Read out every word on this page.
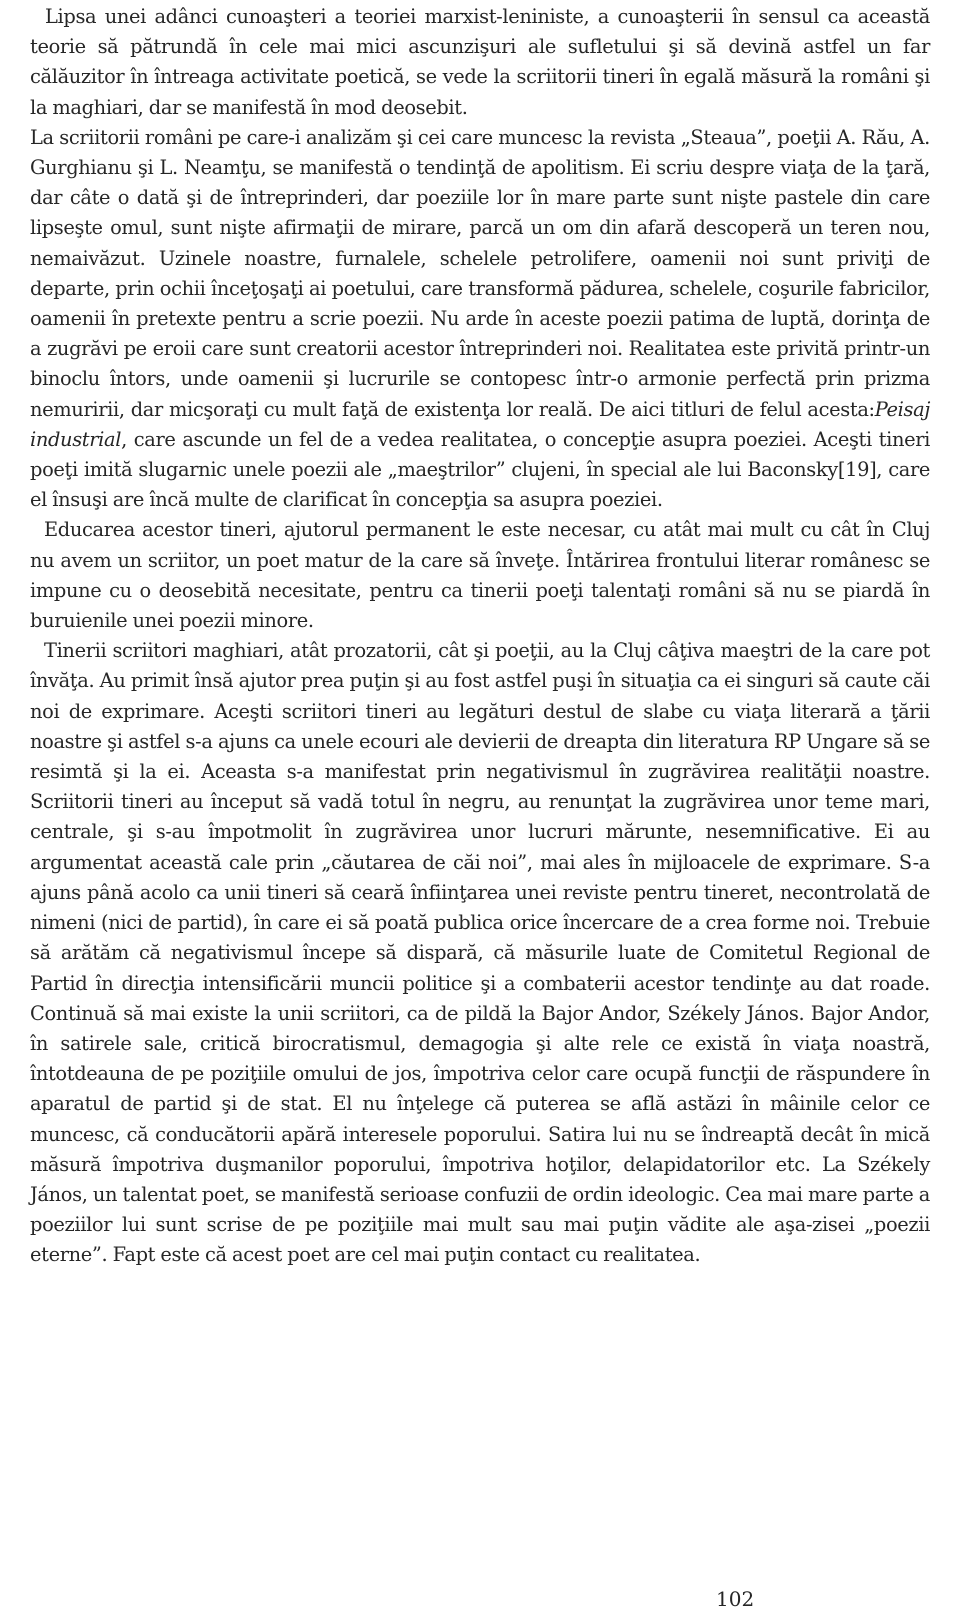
Lipsa unei adânci cunoaşteri a teoriei marxist-leniniste, a cunoaşterii în sensul ca această teorie să pătrundă în cele mai mici ascunzişuri ale sufletului şi să devină astfel un far călăuzitor în întreaga activitate poetică, se vede la scriitorii tineri în egală măsură la români şi la maghiari, dar se manifestă în mod deosebit.
La scriitorii români pe care-i analizăm şi cei care muncesc la revista „Steaua”, poeţii A. Rău, A. Gurghianu şi L. Neamţu, se manifestă o tendinţă de apolitism. Ei scriu despre viaţa de la ţară, dar câte o dată şi de întreprinderi, dar poeziile lor în mare parte sunt nişte pastele din care lipseşte omul, sunt nişte afirmaţii de mirare, parcă un om din afară descoperă un teren nou, nemaivăzut. Uzinele noastre, furnalele, schelele petrolifere, oamenii noi sunt priviţi de departe, prin ochii înceţoşaţi ai poetului, care transformă pădurea, schelele, coşurile fabricilor, oamenii în pretexte pentru a scrie poezii. Nu arde în aceste poezii patima de luptă, dorinţa de a zugrăvi pe eroii care sunt creatorii acestor întreprinderi noi. Realitatea este privită printr-un binoclu întors, unde oamenii şi lucrurile se contopesc într-o armonie perfectă prin prizma nemuririi, dar micşoraţi cu mult faţă de existenţa lor reală. De aici titluri de felul acesta:Peisaj industrial, care ascunde un fel de a vedea realitatea, o concepţie asupra poeziei. Aceşti tineri poeţi imită slugarnic unele poezii ale „maeştrilor” clujeni, în special ale lui Baconsky[19], care el însuşi are încă multe de clarificat în concepţia sa asupra poeziei.

Educarea acestor tineri, ajutorul permanent le este necesar, cu atât mai mult cu cât în Cluj nu avem un scriitor, un poet matur de la care să înveţe. Întărirea frontului literar românesc se impune cu o deosebită necesitate, pentru ca tinerii poeţi talentaţi români să nu se piardă în buruienile unei poezii minore.

Tinerii scriitori maghiari, atât prozatorii, cât şi poeţii, au la Cluj câţiva maeştri de la care pot învăţa. Au primit însă ajutor prea puţin şi au fost astfel puşi în situaţia ca ei singuri să caute căi noi de exprimare. Aceşti scriitori tineri au legături destul de slabe cu viaţa literară a ţării noastre şi astfel s-a ajuns ca unele ecouri ale devierii de dreapta din literatura RP Ungare să se resimtă şi la ei. Aceasta s-a manifestat prin negativismul în zugrăvirea realităţii noastre. Scriitorii tineri au început să vadă totul în negru, au renunţat la zugrăvirea unor teme mari, centrale, şi s-au împotmolit în zugrăvirea unor lucruri mărunte, nesemnificative. Ei au argumentat această cale prin „căutarea de căi noi”, mai ales în mijloacele de exprimare. S-a ajuns până acolo ca unii tineri să ceară înfiinţarea unei reviste pentru tineret, necontrolată de nimeni (nici de partid), în care ei să poată publica orice încercare de a crea forme noi. Trebuie să arătăm că negativismul începe să dispară, că măsurile luate de Comitetul Regional de Partid în direcţia intensificării muncii politice şi a combaterii acestor tendinţe au dat roade. Continuă să mai existe la unii scriitori, ca de pildă la Bajor Andor, Székely János. Bajor Andor, în satirele sale, critică birocratismul, demagogia şi alte rele ce există în viaţa noastră, întotdeauna de pe poziţiile omului de jos, împotriva celor care ocupă funcţii de răspundere în aparatul de partid şi de stat. El nu înţelege că puterea se află astăzi în mâinile celor ce muncesc, că conducătorii apără interesele poporului. Satira lui nu se îndreaptă decât în mică măsură împotriva duşmanilor poporului, împotriva hoţilor, delapidatorilor etc. La Székely János, un talentat poet, se manifestă serioase confuzii de ordin ideologic. Cea mai mare parte a poeziilor lui sunt scrise de pe poziţiile mai mult sau mai puţin vădite ale aşa-zisei „poezii eterne”. Fapt este că acest poet are cel mai puţin contact cu realitatea.

102
